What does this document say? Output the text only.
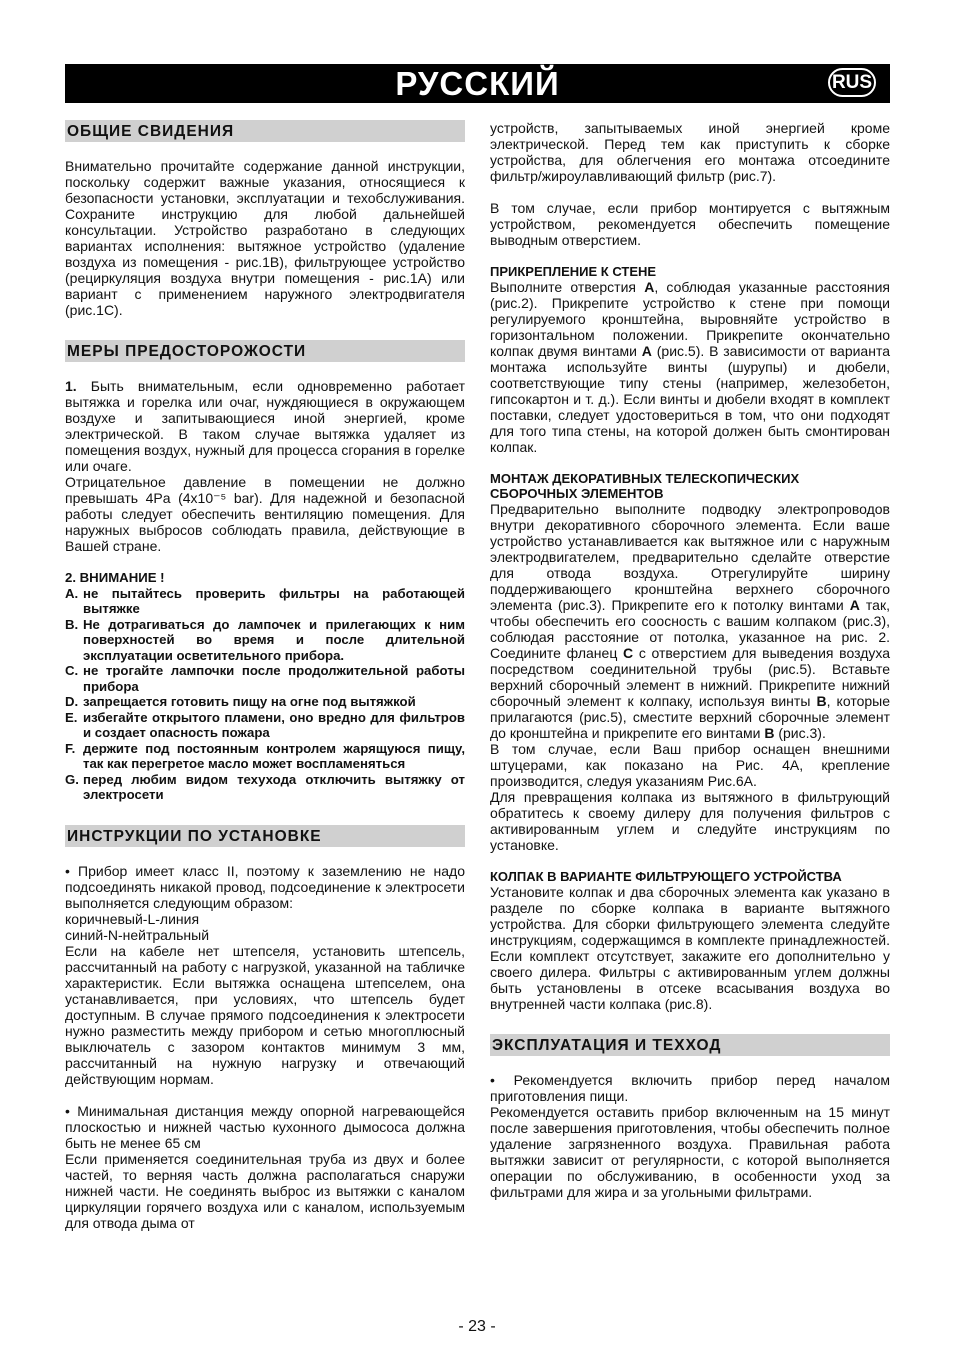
РУССКИЙ	RUS
ОБЩИЕ СВИДЕНИЯ

Внимательно прочитайте содержание данной инструкции, поскольку содержит важные указания, относящиеся к безопасности установки, эксплуатации и техобслуживания. Сохраните инструкцию для любой дальнейшей консультации. Устройство разработано в следующих вариантах исполнения: вытяжное устройство (удаление воздуха из помещения - рис.1B), фильтрующее устройство (рециркуляция воздуха внутри помещения - рис.1A) или вариант с применением наружного электродвигателя (рис.1C).

МЕРЫ ПРЕДОСТОРОЖОСТИ

1. Быть внимательным, если одновременно работает вытяжка и горелка или очаг, нуждяющиеся в окружающем воздухе и запитывающиеся иной энергией, кроме электрической. В таком случае вытяжка удаляет из помещения воздух, нужный для процесса сгорания в горелке или очаге.

Отрицательное давление в помещении не должно превышать 4Pa (4x10⁻⁵ bar). Для надежной и безопасной работы следует обеспечить вентиляцию помещения. Для наружных выбросов соблюдать правила, действующие в Вашей стране.

2. ВНИМАНИЕ !
A. не пытайтесь проверить фильтры на работающей вытяжке
B. Не дотрагиваться до лампочек и прилегающих к ним поверхностей во время и после длительной эксплуатации осветительного прибора.
C. не трогайте лампочки после продолжительной работы прибора
D. запрещается готовить пищу на огне под вытяжкой
E. избегайте открытого пламени, оно вредно для фильтров и создает опасность пожара
F. держите под постоянным контролем жарящуюся пищу, так как перегретое масло может воспламеняться
G. перед любим видом техухода отключить вытяжку от электросети
ИНСТРУКЦИИ ПО УСТАНОВКЕ

• Прибор имеет класс II, поэтому к заземлению не надо подсоединять никакой провод, подсоединение к электросети выполняется следующим образом:

коричневый-L-линия

синий-N-нейтральный

Если на кабеле нет штепселя, установить штепсель, рассчитанный на работу с нагрузкой, указанной на табличке характеристик. Если вытяжка оснащена штепселем, она устанавливается, при условиях, что штепсель будет доступным. В случае прямого подсоединения к электросети нужно разместить между прибором и сетью многоплюсный выключатель с зазором контактов минимум 3 мм, рассчитанный на нужную нагрузку и отвечающий действующим нормам.

• Минимальная дистанция между опорной нагревающейся плоскостью и нижней частью кухонного дымососа должна быть не менее 65 см

Если применяется соединительная труба из двух и более частей, то верняя часть должна располагаться снаружи нижней части. Не соединять выброс из вытяжки с каналом циркуляции горячего воздуха или с каналом, используемым для отвода дыма от

устройств, запытываемых иной энергией кроме электрической. Перед тем как приступить к сборке устройства, для облегчения его монтажа отсоедините фильтр/жироулавливающий фильтр (рис.7).

В том случае, если прибор монтируется с вытяжным устройством, рекомендуется обеспечить помещение выводным отверстием.

ПРИКРЕПЛЕНИЕ К СТЕНЕ

Выполните отверстия A, соблюдая указанные расстояния (рис.2). Прикрепите устройство к стене при помощи регулируемого кронштейна, выровняйте устройство в горизонтальном положении. Прикрепите окончательно колпак двумя винтами A (рис.5). В зависимости от варианта монтажа используйте винты (шурупы) и дюбели, соответствующие типу стены (например, железобетон, гипсокартон и т. д.). Если винты и дюбели входят в комплект поставки, следует удостовериться в том, что они подходят для того типа стены, на которой должен быть смонтирован колпак.

МОНТАЖ ДЕКОРАТИВНЫХ ТЕЛЕСКОПИЧЕСКИХ СБОРОЧНЫХ ЭЛЕМЕНТОВ

Предварительно выполните подводку электропроводов внутри декоративного сборочного элемента. Если ваше устройство устанавливается как вытяжное или с наружным электродвигателем, предварительно сделайте отверстие для отвода воздуха. Отрегулируйте ширину поддерживающего кронштейна верхнего сборочного элемента (рис.3). Прикрепите его к потолку винтами A так, чтобы обеспечить его соосность с вашим колпаком (рис.3), соблюдая расстояние от потолка, указанное на рис. 2. Соедините фланец C с отверстием для выведения воздуха посредством соединительной трубы (рис.5). Вставьте верхний сборочный элемент в нижний. Прикрепите нижний сборочный элемент к колпаку, используя винты B, которые прилагаются (рис.5), сместите верхний сборочные элемент до кронштейна и прикрепите его винтами B (рис.3).

В том случае, если Ваш прибор оснащен внешними штуцерами, как показано на Рис. 4A, крепление производится, следуя указаниям Рис.6A.

Для превращения колпака из вытяжного в фильтрующий обратитесь к своему дилеру для получения фильтров с активированным углем и следуйте инструкциям по установке.

КОЛПАК В ВАРИАНТЕ ФИЛЬТРУЮЩЕГО УСТРОЙСТВА

Установите колпак и два сборочных элемента как указано в разделе по сборке колпака в варианте вытяжного устройства. Для сборки фильтрующего элемента следуйте инструкциям, содержащимся в комплекте принадлежностей. Если комплект отсутствует, закажите его дополнительно у своего дилера. Фильтры с активированным углем должны быть установлены в отсеке всасывания воздуха во внутренней части колпака (рис.8).

ЭКСПЛУАТАЦИЯ И ТЕХХОД

• Рекомендуется включить прибор перед началом приготовления пищи.

Рекомендуется оставить прибор включенным на 15 минут после завершения приготовления, чтобы обеспечить полное удаление загрязненного воздуха. Правильная работа вытяжки зависит от регулярности, с которой выполняется операции по обслуживанию, в особенности уход за фильтрами для жира и за угольными фильтрами.

- 23 -
